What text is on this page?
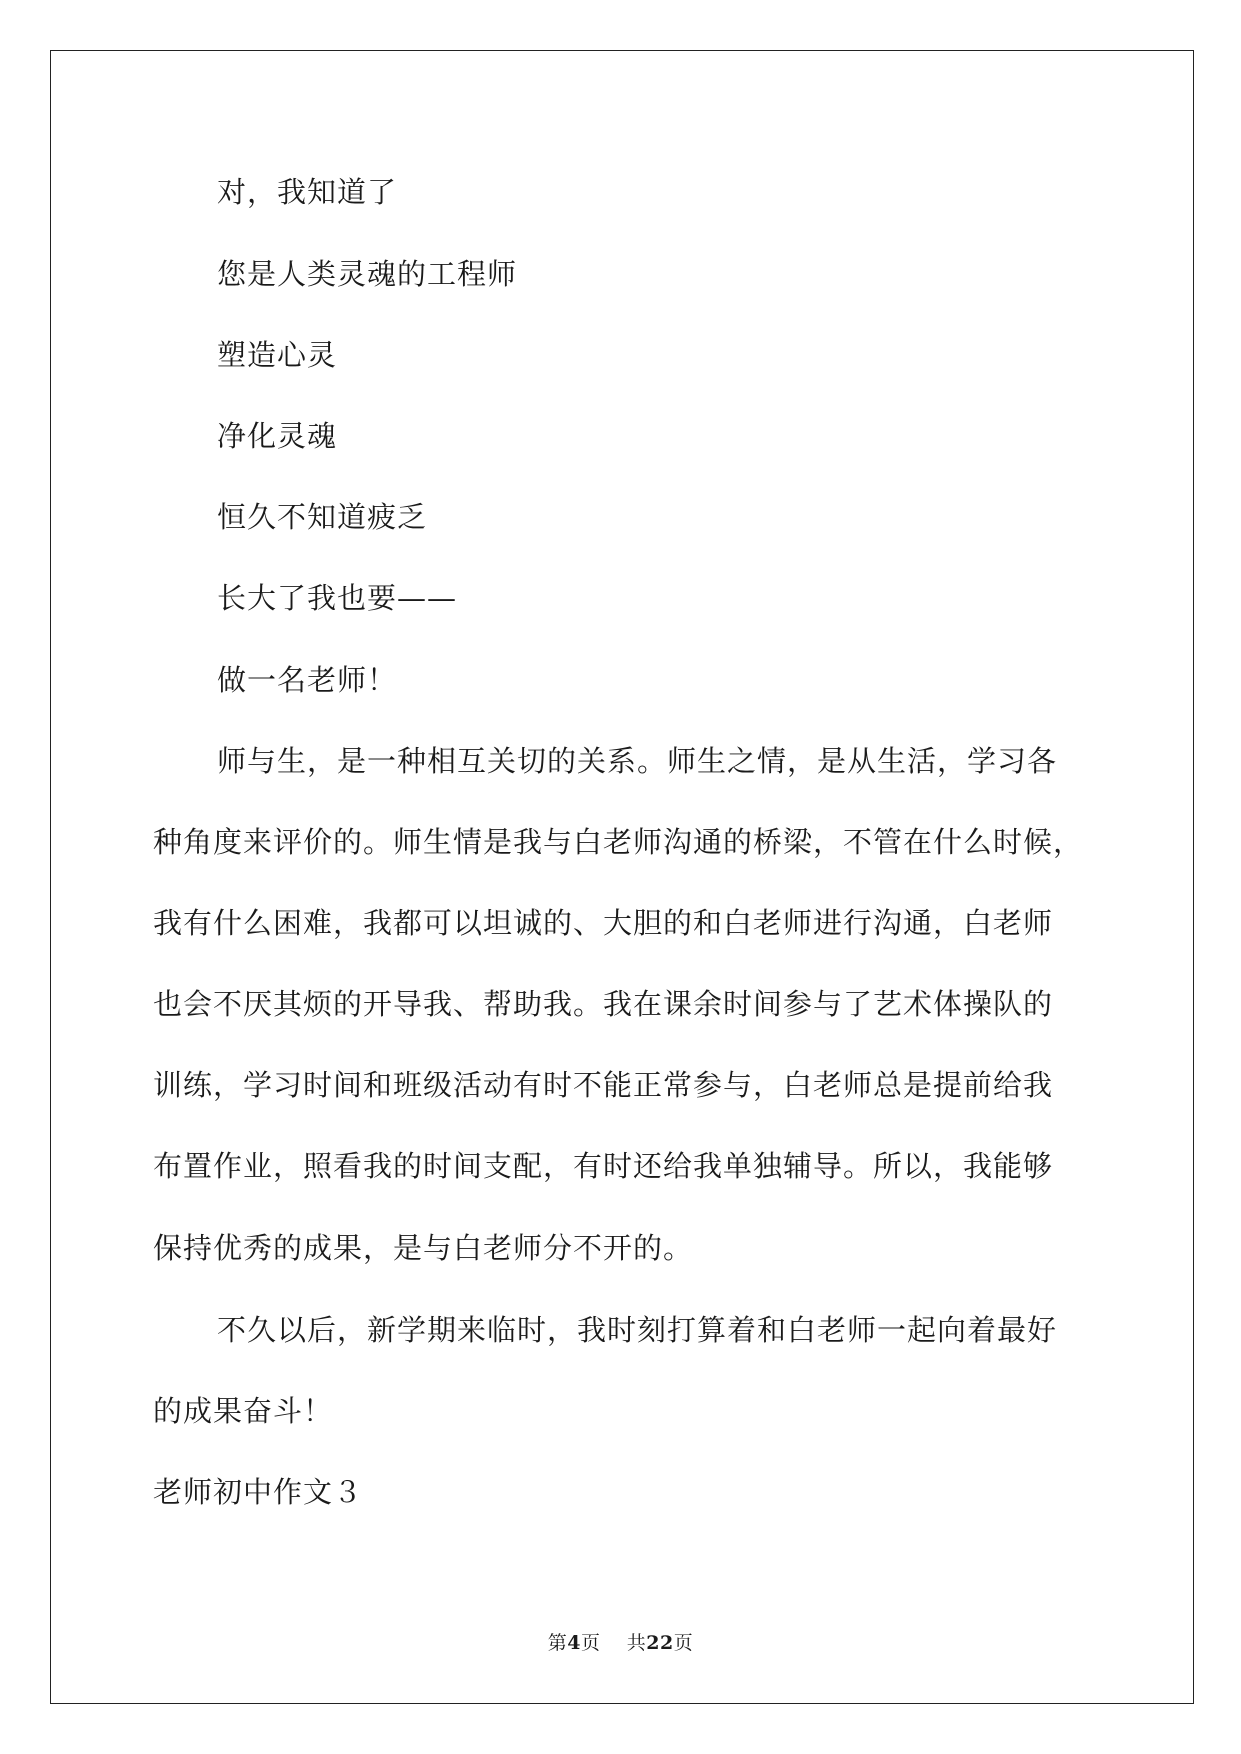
对，我知道了
您是人类灵魂的工程师
塑造心灵
净化灵魂
恒久不知道疲乏
长大了我也要——
做一名老师！
师与生，是一种相互关切的关系。师生之情，是从生活，学习各
种角度来评价的。师生情是我与白老师沟通的桥梁，不管在什么时候，
我有什么困难，我都可以坦诚的、大胆的和白老师进行沟通，白老师
也会不厌其烦的开导我、帮助我。我在课余时间参与了艺术体操队的
训练，学习时间和班级活动有时不能正常参与，白老师总是提前给我
布置作业，照看我的时间支配，有时还给我单独辅导。所以，我能够
保持优秀的成果，是与白老师分不开的。
不久以后，新学期来临时，我时刻打算着和白老师一起向着最好
的成果奋斗！
老师初中作文３
第4页 共22页
